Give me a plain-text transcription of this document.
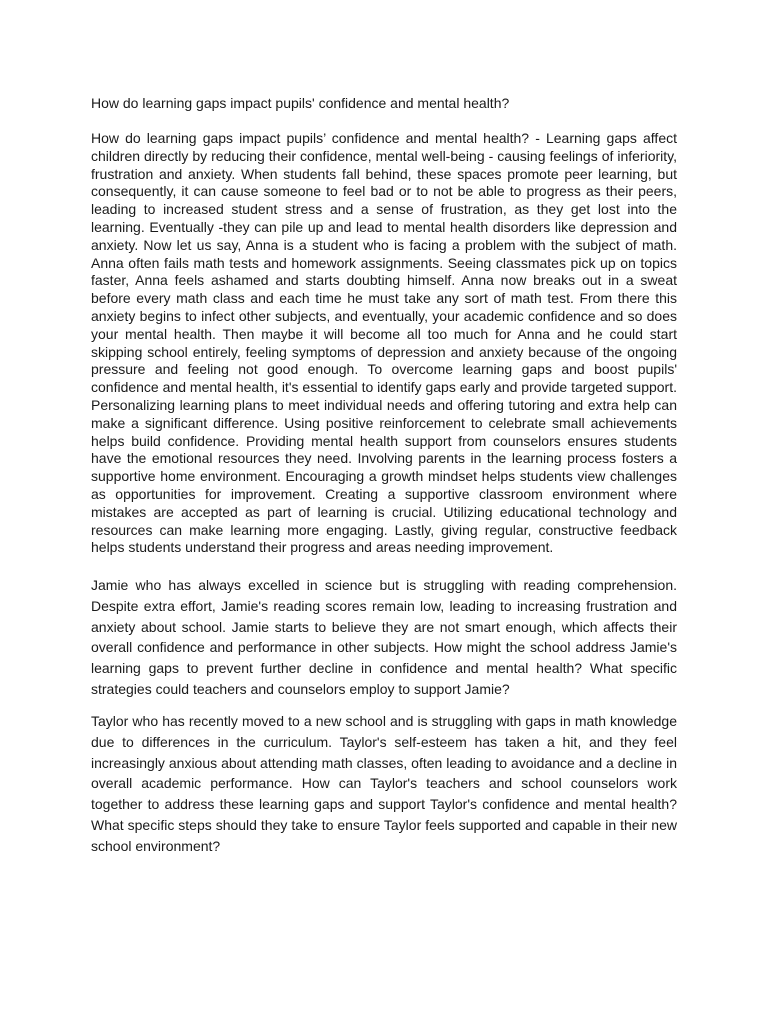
How do learning gaps impact pupils' confidence and mental health?

How do learning gaps impact pupils’ confidence and mental health? - Learning gaps affect children directly by reducing their confidence, mental well-being - causing feelings of inferiority, frustration and anxiety. When students fall behind, these spaces promote peer learning, but consequently, it can cause someone to feel bad or to not be able to progress as their peers, leading to increased student stress and a sense of frustration, as they get lost into the learning. Eventually -they can pile up and lead to mental health disorders like depression and anxiety. Now let us say, Anna is a student who is facing a problem with the subject of math. Anna often fails math tests and homework assignments. Seeing classmates pick up on topics faster, Anna feels ashamed and starts doubting himself. Anna now breaks out in a sweat before every math class and each time he must take any sort of math test. From there this anxiety begins to infect other subjects, and eventually, your academic confidence and so does your mental health. Then maybe it will become all too much for Anna and he could start skipping school entirely, feeling symptoms of depression and anxiety because of the ongoing pressure and feeling not good enough. To overcome learning gaps and boost pupils' confidence and mental health, it's essential to identify gaps early and provide targeted support. Personalizing learning plans to meet individual needs and offering tutoring and extra help can make a significant difference. Using positive reinforcement to celebrate small achievements helps build confidence. Providing mental health support from counselors ensures students have the emotional resources they need. Involving parents in the learning process fosters a supportive home environment. Encouraging a growth mindset helps students view challenges as opportunities for improvement. Creating a supportive classroom environment where mistakes are accepted as part of learning is crucial. Utilizing educational technology and resources can make learning more engaging. Lastly, giving regular, constructive feedback helps students understand their progress and areas needing improvement.

Jamie who has always excelled in science but is struggling with reading comprehension. Despite extra effort, Jamie's reading scores remain low, leading to increasing frustration and anxiety about school. Jamie starts to believe they are not smart enough, which affects their overall confidence and performance in other subjects. How might the school address Jamie's learning gaps to prevent further decline in confidence and mental health? What specific strategies could teachers and counselors employ to support Jamie?

Taylor who has recently moved to a new school and is struggling with gaps in math knowledge due to differences in the curriculum. Taylor's self-esteem has taken a hit, and they feel increasingly anxious about attending math classes, often leading to avoidance and a decline in overall academic performance. How can Taylor's teachers and school counselors work together to address these learning gaps and support Taylor's confidence and mental health? What specific steps should they take to ensure Taylor feels supported and capable in their new school environment?
